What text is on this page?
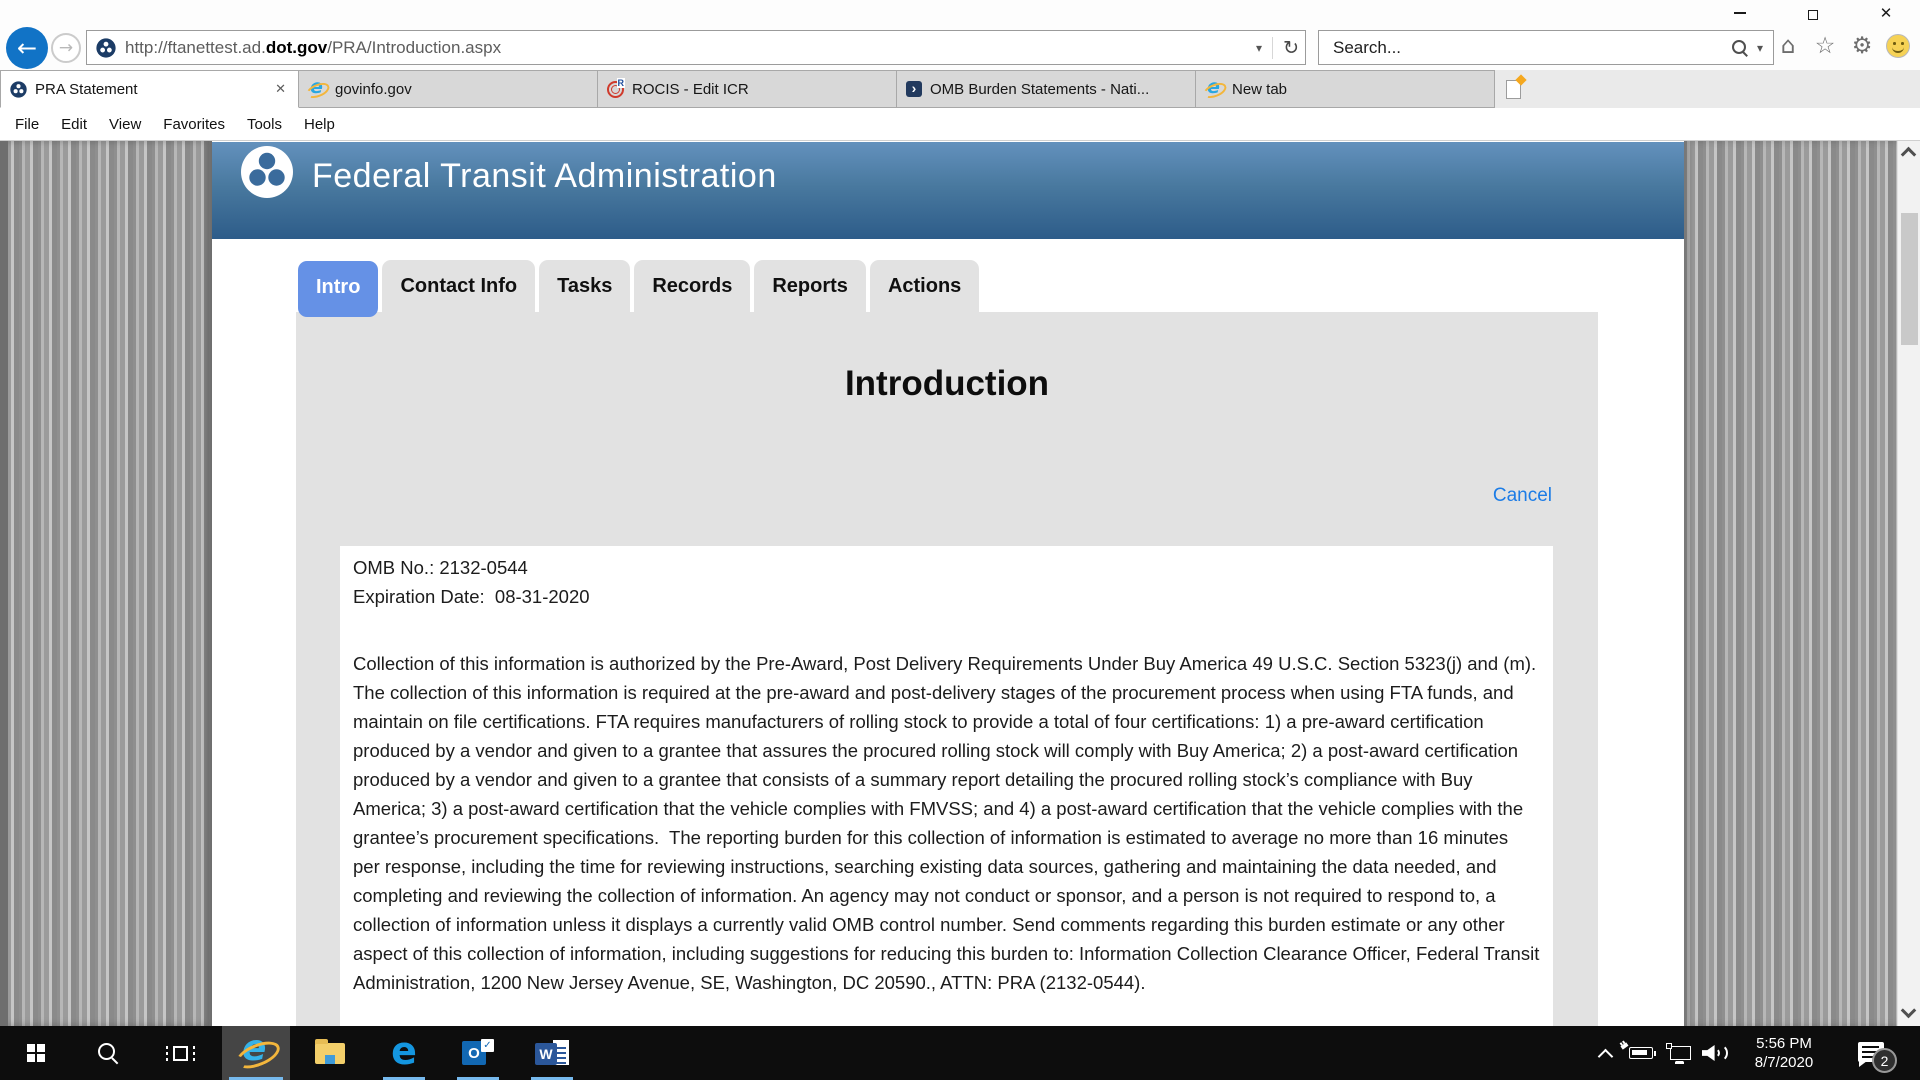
✕
←	→	http://ftanettest.ad.dot.gov/PRA/Introduction.aspx	▾ ↻
Search...	▾ ⌂ ☆ ⚙
PRA Statement	✕ e	govinfo.gov R	ROCIS - Edit ICR ›	OMB Burden Statements - Nati... e	New tab
File	Edit	View	Favorites	Tools	Help
Federal Transit Administration
Intro	Contact Info	Tasks	Records	Reports	Actions
Introduction
Cancel
OMB No.: 2132-0544
Expiration Date:  08-31-2020

Collection of this information is authorized by the Pre-Award, Post Delivery Requirements Under Buy America 49 U.S.C. Section 5323(j) and (m). The collection of this information is required at the pre-award and post-delivery stages of the procurement process when using FTA funds, and maintain on file certifications. FTA requires manufacturers of rolling stock to provide a total of four certifications: 1) a pre-award certification produced by a vendor and given to a grantee that assures the procured rolling stock will comply with Buy America; 2) a post-award certification produced by a vendor and given to a grantee that consists of a summary report detailing the procured rolling stock’s compliance with Buy America; 3) a post-award certification that the vehicle complies with FMVSS; and 4) a post-award certification that the vehicle complies with the grantee’s procurement specifications.  The reporting burden for this collection of information is estimated to average no more than 16 minutes per response, including the time for reviewing instructions, searching existing data sources, gathering and maintaining the data needed, and completing and reviewing the collection of information. An agency may not conduct or sponsor, and a person is not required to respond to, a collection of information unless it displays a currently valid OMB control number. Send comments regarding this burden estimate or any other aspect of this collection of information, including suggestions for reducing this burden to: Information Collection Clearance Officer, Federal Transit Administration, 1200 New Jersey Avenue, SE, Washington, DC 20590., ATTN: PRA (2132-0544).

e
e	O ✓
W
5:56 PM
8/7/2020	2
